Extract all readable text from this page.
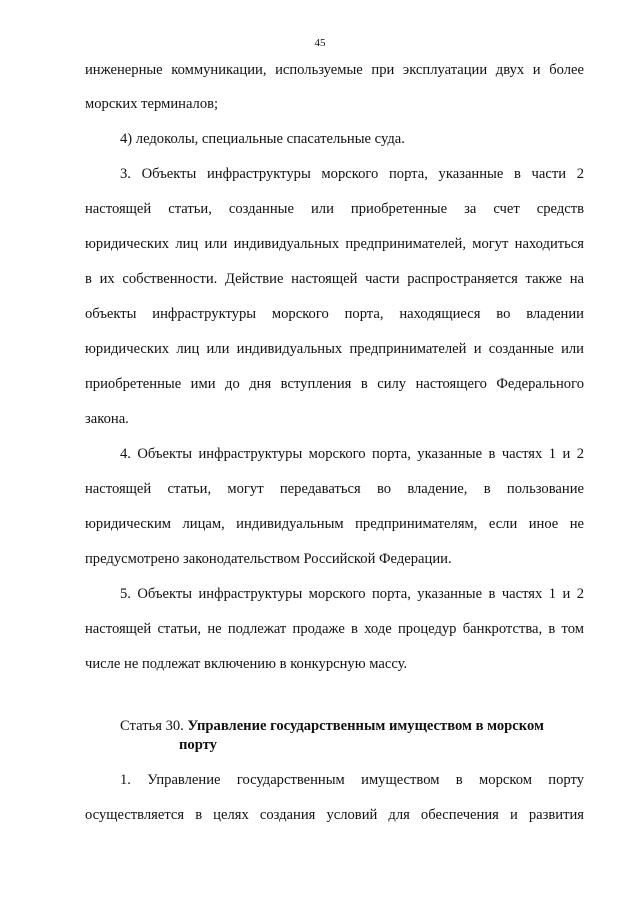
45
инженерные коммуникации, используемые при эксплуатации двух и более
морских терминалов;
4) ледоколы, специальные спасательные суда.
3. Объекты инфраструктуры морского порта, указанные в части 2
настоящей статьи, созданные или приобретенные за счет средств
юридических лиц или индивидуальных предпринимателей, могут находиться
в их собственности. Действие настоящей части распространяется также на
объекты инфраструктуры морского порта, находящиеся во владении
юридических лиц или индивидуальных предпринимателей и созданные или
приобретенные ими до дня вступления в силу настоящего Федерального
закона.
4. Объекты инфраструктуры морского порта, указанные в частях 1 и 2
настоящей статьи, могут передаваться во владение, в пользование
юридическим лицам, индивидуальным предпринимателям, если иное не
предусмотрено законодательством Российской Федерации.
5. Объекты инфраструктуры морского порта, указанные в частях 1 и 2
настоящей статьи, не подлежат продаже в ходе процедур банкротства, в том
числе не подлежат включению в конкурсную массу.
Статья 30. Управление государственным имуществом в морском
порту
1. Управление государственным имуществом в морском порту
осуществляется в целях создания условий для обеспечения и развития
